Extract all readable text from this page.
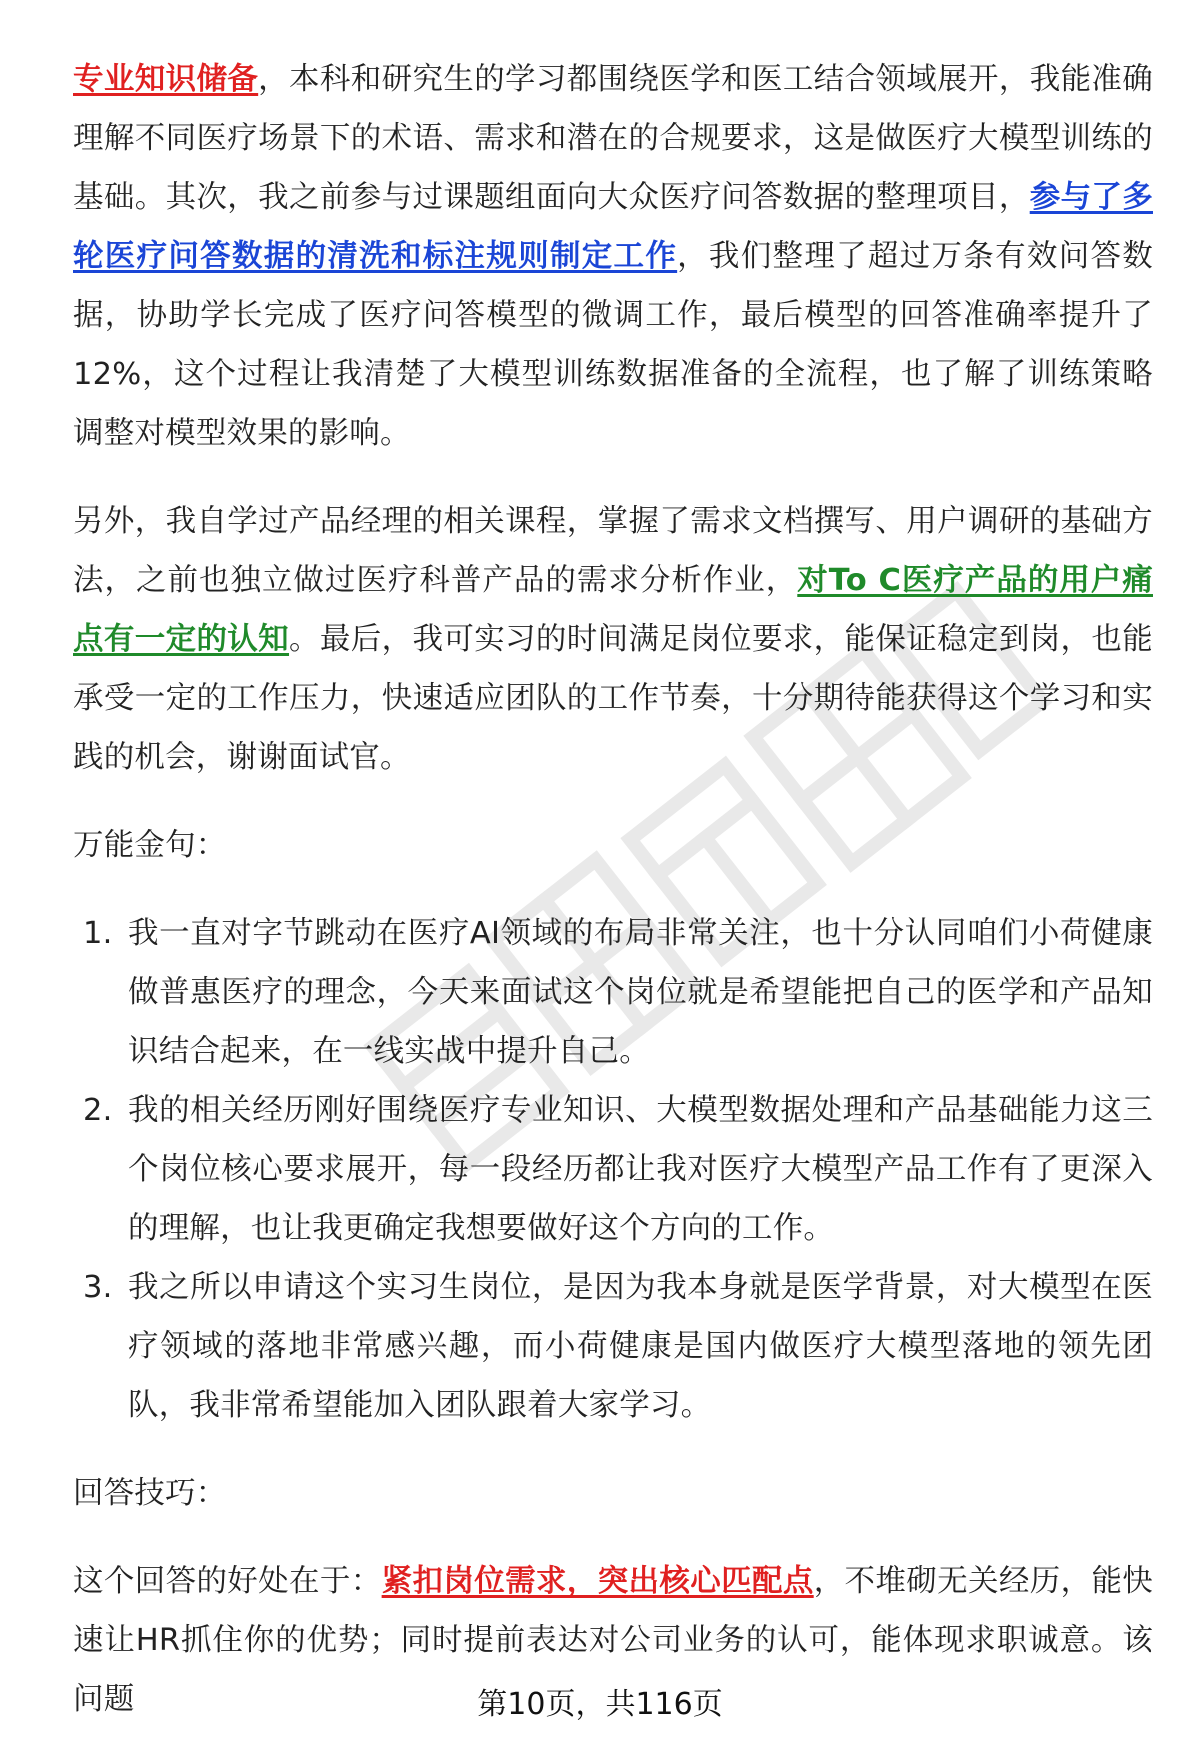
专业知识储备，本科和研究生的学习都围绕医学和医工结合领域展开，我能准确理解不同医疗场景下的术语、需求和潜在的合规要求，这是做医疗大模型训练的基础。其次，我之前参与过课题组面向大众医疗问答数据的整理项目，参与了多轮医疗问答数据的清洗和标注规则制定工作，我们整理了超过万条有效问答数据，协助学长完成了医疗问答模型的微调工作，最后模型的回答准确率提升了12%，这个过程让我清楚了大模型训练数据准备的全流程，也了解了训练策略调整对模型效果的影响。

另外，我自学过产品经理的相关课程，掌握了需求文档撰写、用户调研的基础方法，之前也独立做过医疗科普产品的需求分析作业，对To C医疗产品的用户痛点有一定的认知。最后，我可实习的时间满足岗位要求，能保证稳定到岗，也能承受一定的工作压力，快速适应团队的工作节奏，十分期待能获得这个学习和实践的机会，谢谢面试官。

万能金句：

1. 我一直对字节跳动在医疗AI领域的布局非常关注，也十分认同咱们小荷健康做普惠医疗的理念，今天来面试这个岗位就是希望能把自己的医学和产品知识结合起来，在一线实战中提升自己。
2. 我的相关经历刚好围绕医疗专业知识、大模型数据处理和产品基础能力这三个岗位核心要求展开，每一段经历都让我对医疗大模型产品工作有了更深入的理解，也让我更确定我想要做好这个方向的工作。
3. 我之所以申请这个实习生岗位，是因为我本身就是医学背景，对大模型在医疗领域的落地非常感兴趣，而小荷健康是国内做医疗大模型落地的领先团队，我非常希望能加入团队跟着大家学习。

回答技巧：

这个回答的好处在于：紧扣岗位需求，突出核心匹配点，不堆砌无关经历，能快速让HR抓住你的优势；同时提前表达对公司业务的认可，能体现求职诚意。该问题	第10页，共116页
